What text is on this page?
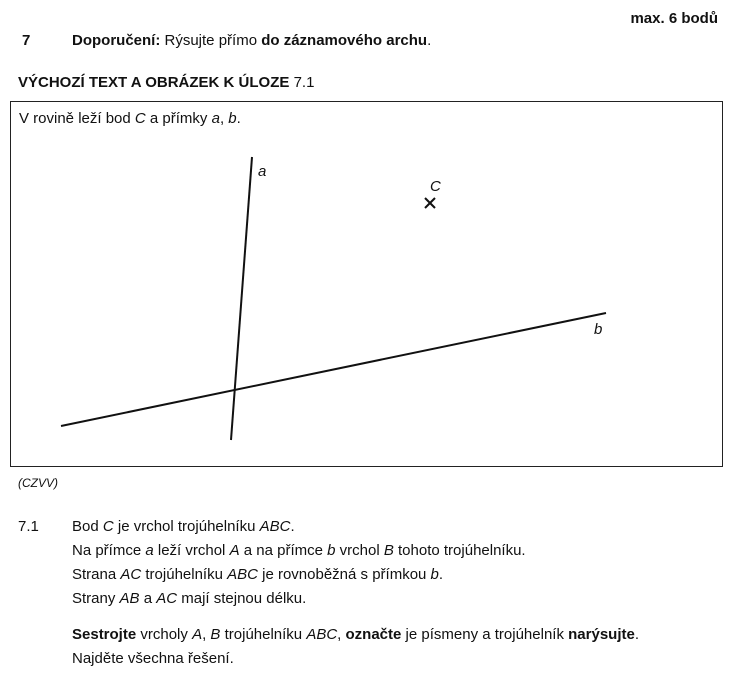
max. 6 bodů
7	Doporučení: Rýsujte přímo do záznamového archu.
VÝCHOZÍ TEXT A OBRÁZEK K ÚLOZE 7.1
a
b
C
V rovině leží bod C a přímky a, b.
(CZVV)
7.1 Bod C je vrchol trojúhelníku ABC.
Na přímce a leží vrchol A a na přímce b vrchol B tohoto trojúhelníku.
Strana AC trojúhelníku ABC je rovnoběžná s přímkou b.
Strany AB a AC mají stejnou délku.
Sestrojte vrcholy A, B trojúhelníku ABC, označte je písmeny a trojúhelník narýsujte.
Najděte všechna řešení.
